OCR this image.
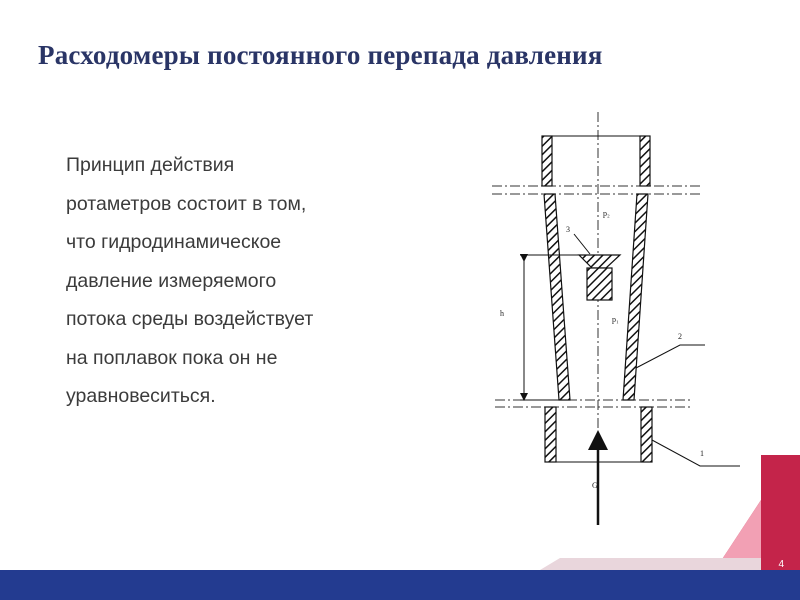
Расходомеры постоянного перепада давления
Принцип действия
ротаметров состоит в том,
что гидродинамическое
давление измеряемого
потока среды воздействует
на поплавок пока он не
уравновеситься.
p₂
p₁
h
3
2
1
G
4
